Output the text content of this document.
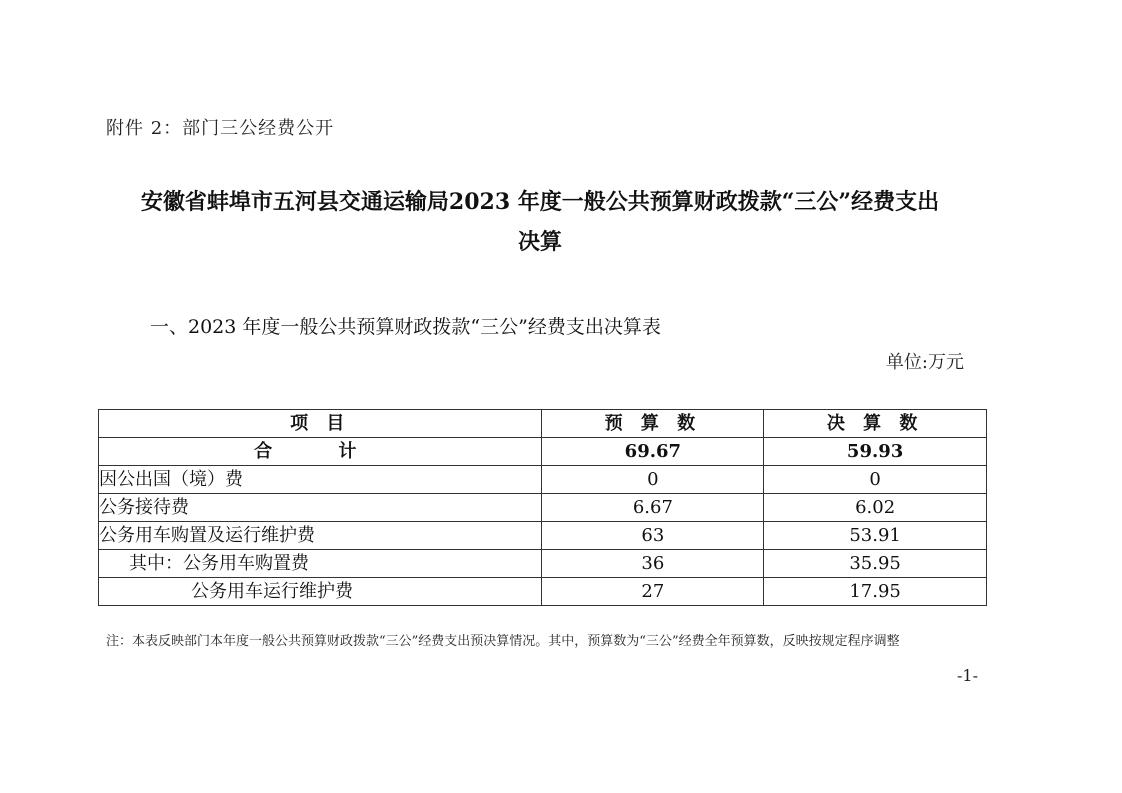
附件 2：部门三公经费公开
安徽省蚌埠市五河县交通运输局2023 年度一般公共预算财政拨款“三公”经费支出
决算
一、2023 年度一般公共预算财政拨款“三公”经费支出决算表
单位:万元
项 目	预 算 数	决 算 数
合 计	69.67	59.93
因公出国（境）费	0	0
公务接待费	6.67	6.02
公务用车购置及运行维护费	63	53.91
其中：公务用车购置费	36	35.95
公务用车运行维护费	27	17.95
注：本表反映部门本年度一般公共预算财政拨款“三公”经费支出预决算情况。其中，预算数为“三公”经费全年预算数，反映按规定程序调整
-1-
